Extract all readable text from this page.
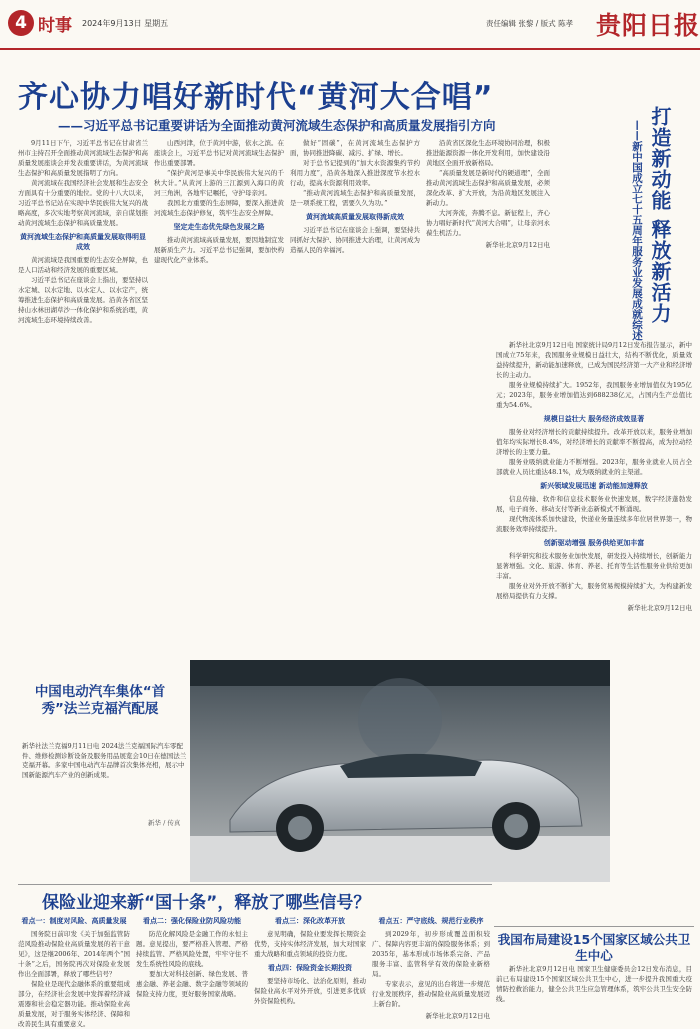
4 时事 2024年9月13日 星期五	责任编辑 张黎 / 版式 陈孝 贵阳日报
齐心协力唱好新时代“黄河大合唱”
——习近平总书记重要讲话为全面推动黄河流域生态保护和高质量发展指引方向
9月11日下午，习近平总书记在甘肃省兰州市主持召开全面推动黄河流域生态保护和高质量发展座谈会并发表重要讲话，为黄河流域生态保护和高质量发展指明了方向。
黄河流域在我国经济社会发展和生态安全方面具有十分重要的地位。党的十八大以来，习近平总书记站在实现中华民族伟大复兴的战略高度，多次实地考察黄河流域，亲自谋划推动黄河流域生态保护和高质量发展。
黄河流域生态保护和高质量发展取得明显成效
黄河流域是我国重要的生态安全屏障，也是人口活动和经济发展的重要区域。
习近平总书记在座谈会上指出，要坚持以水定城、以水定地、以水定人、以水定产，统筹推进生态保护和高质量发展。沿黄各省区坚持山水林田湖草沙一体化保护和系统治理，黄河流域生态环境持续改善。
山西河津，位于黄河中游，依水之滨。在座谈会上，习近平总书记对黄河流域生态保护作出重要部署。
“保护黄河是事关中华民族伟大复兴的千秋大计。”从黄河上游的三江源到入海口的黄河三角洲，各地牢记嘱托，守护母亲河。
我国北方重要的生态屏障，要深入推进黄河流域生态保护修复，筑牢生态安全屏障。
坚定走生态优先绿色发展之路
推动黄河流域高质量发展，要因地制宜发展新质生产力。习近平总书记强调，要加快构建现代化产业体系。
做好“固碳”，在黄河流域生态保护方面，协同推进降碳、减污、扩绿、增长。
对于总书记提到的“加大水资源集约节约利用力度”，沿黄各地深入推进深度节水控水行动，提高水资源利用效率。
“推动黄河流域生态保护和高质量发展，是一项系统工程，需要久久为功。”
黄河流域高质量发展取得新成效
习近平总书记在座谈会上强调，要坚持共同抓好大保护、协同推进大治理，让黄河成为造福人民的幸福河。
沿黄省区深化生态环境协同治理，积极推进能源资源一体化开发利用，加快建设沿黄地区全面开放新格局。
“高质量发展是新时代的硬道理”，全面推动黄河流域生态保护和高质量发展，必须深化改革、扩大开放，为沿黄地区发展注入新动力。
大河奔流，奔腾不息。新征程上，齐心协力唱好新时代“黄河大合唱”，让母亲河永葆生机活力。
新华社北京9月12日电	打造新动能 释放新活力
——新中国成立七十五周年服务业发展成就综述
新华社北京9月12日电 国家统计局9月12日发布报告显示，新中国成立75年来，我国服务业规模日益壮大，结构不断优化，质量效益持续提升，新动能加速释放，已成为国民经济第一大产业和经济增长的主动力。
服务业规模持续扩大。1952年，我国服务业增加值仅为195亿元；2023年，服务业增加值达到688238亿元，占国内生产总值比重为54.6%。
规模日益壮大 服务经济成效显著
服务业对经济增长的贡献持续提升。改革开放以来，服务业增加值年均实际增长8.4%，对经济增长的贡献率不断提高，成为拉动经济增长的主要力量。
服务业吸纳就业能力不断增强。2023年，服务业就业人员占全部就业人员比重达48.1%，成为吸纳就业的主渠道。
新兴领域发展迅速 新动能加速释放
信息传输、软件和信息技术服务业快速发展，数字经济蓬勃发展，电子商务、移动支付等新业态新模式不断涌现。
现代物流体系加快建设，快递业务量连续多年位居世界第一，物流服务效率持续提升。
创新驱动增强 服务供给更加丰富
科学研究和技术服务业加快发展，研发投入持续增长，创新能力显著增强。文化、旅游、体育、养老、托育等生活性服务业供给更加丰富。
服务业对外开放不断扩大，服务贸易规模持续扩大，为构建新发展格局提供有力支撑。
新华社北京9月12日电
中国电动汽车集体“首秀”法兰克福汽配展
新华社法兰克福9月11日电 2024法兰克福国际汽车零配件、维修检测诊断设备及服务用品展览会10日在德国法兰克福开幕。多家中国电动汽车品牌首次集体亮相，展示中国新能源汽车产业的创新成果。
新华 / 传真
保险业迎来新“国十条”，释放了哪些信号？
看点一：制度对风险、高质量发展
国务院日前印发《关于加强监管防范风险推动保险业高质量发展的若干意见》，这是继2006年、2014年两个“国十条”之后，国务院再次对保险业发展作出全面部署，释放了哪些信号？
保险业是现代金融体系的重要组成部分，在经济社会发展中发挥着经济减震器和社会稳定器功能。推动保险业高质量发展，对于服务实体经济、保障和改善民生具有重要意义。
看点二：强化保险业防风险功能
防范化解风险是金融工作的永恒主题。意见提出，要严格准入管理、严格持续监管、严格风险处置，牢牢守住不发生系统性风险的底线。
要加大对科技创新、绿色发展、普惠金融、养老金融、数字金融等领域的保险支持力度，更好服务国家战略。
看点三：深化改革开放
意见明确，保险业要发挥长期资金优势，支持实体经济发展，加大对国家重大战略和重点领域的投资力度。
看点四：保险资金长期投资
要坚持市场化、法治化原则，推动保险业高水平对外开放，引进更多优质外资保险机构。
看点五：严守底线、规范行业秩序
到2029年，初步形成覆盖面积较广、保障内容更丰富的保险服务体系；到2035年，基本形成市场体系完备、产品服务丰富、监管科学有效的保险业新格局。
专家表示，意见的出台将进一步规范行业发展秩序，推动保险业高质量发展迈上新台阶。
新华社北京9月12日电
我国布局建设15个国家区域公共卫生中心
新华社北京9月12日电 国家卫生健康委员会12日发布消息，目前已布局建设15个国家区域公共卫生中心，进一步提升我国重大疫情防控救治能力，健全公共卫生应急管理体系，筑牢公共卫生安全防线。
